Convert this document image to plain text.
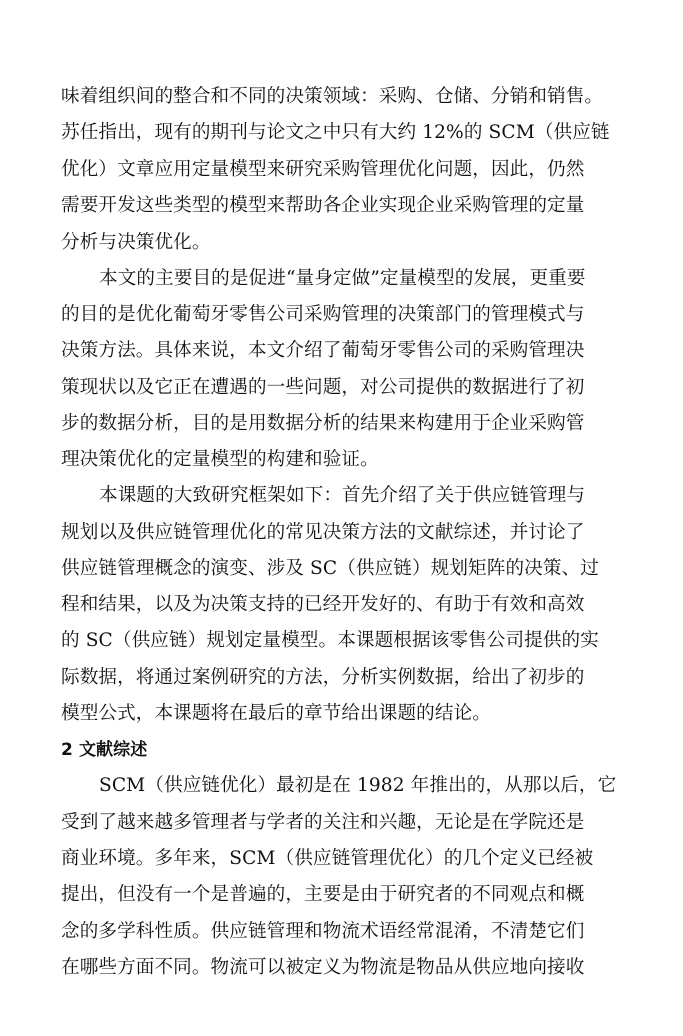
味着组织间的整合和不同的决策领域：采购、仓储、分销和销售。
苏任指出，现有的期刊与论文之中只有大约 12%的 SCM（供应链
优化）文章应用定量模型来研究采购管理优化问题，因此，仍然
需要开发这些类型的模型来帮助各企业实现企业采购管理的定量
分析与决策优化。
本文的主要目的是促进“量身定做”定量模型的发展，更重要
的目的是优化葡萄牙零售公司采购管理的决策部门的管理模式与
决策方法。具体来说，本文介绍了葡萄牙零售公司的采购管理决
策现状以及它正在遭遇的一些问题，对公司提供的数据进行了初
步的数据分析，目的是用数据分析的结果来构建用于企业采购管
理决策优化的定量模型的构建和验证。
本课题的大致研究框架如下：首先介绍了关于供应链管理与
规划以及供应链管理优化的常见决策方法的文献综述，并讨论了
供应链管理概念的演变、涉及 SC（供应链）规划矩阵的决策、过
程和结果，以及为决策支持的已经开发好的、有助于有效和高效
的 SC（供应链）规划定量模型。本课题根据该零售公司提供的实
际数据，将通过案例研究的方法，分析实例数据，给出了初步的
模型公式，本课题将在最后的章节给出课题的结论。
2 文献综述
SCM（供应链优化）最初是在 1982 年推出的，从那以后，它
受到了越来越多管理者与学者的关注和兴趣，无论是在学院还是
商业环境。多年来，SCM（供应链管理优化）的几个定义已经被
提出，但没有一个是普遍的，主要是由于研究者的不同观点和概
念的多学科性质。供应链管理和物流术语经常混淆，不清楚它们
在哪些方面不同。物流可以被定义为物流是物品从供应地向接收
